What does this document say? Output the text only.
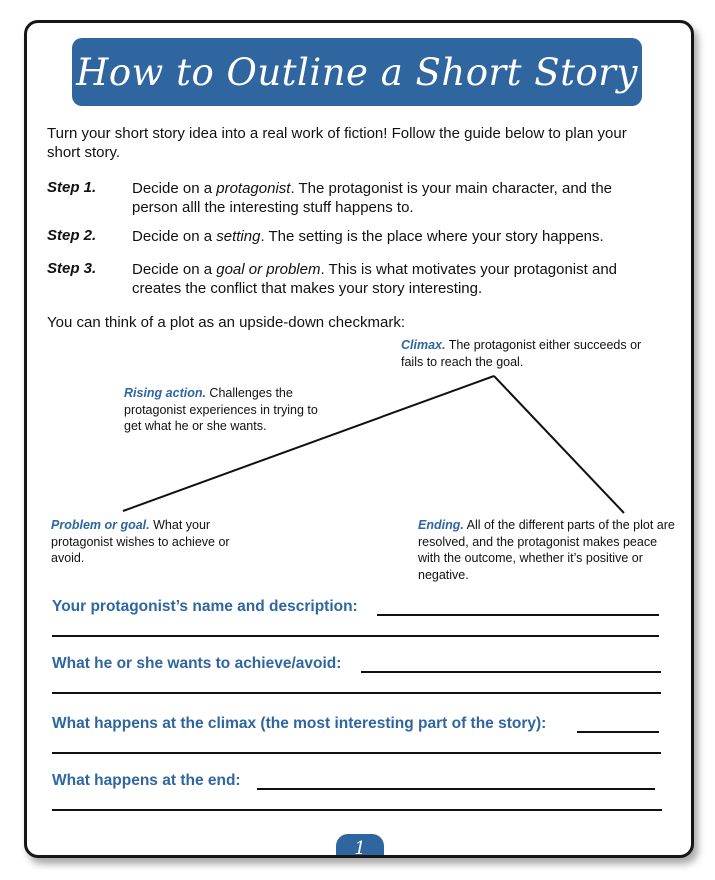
How to Outline a Short Story
Turn your short story idea into a real work of fiction! Follow the guide below to plan your short story.
Step 1. Decide on a protagonist. The protagonist is your main character, and the person alll the interesting stuff happens to.
Step 2. Decide on a setting. The setting is the place where your story happens.
Step 3. Decide on a goal or problem. This is what motivates your protagonist and creates the conflict that makes your story interesting.
You can think of a plot as an upside-down checkmark:
Climax. The protagonist either succeeds or fails to reach the goal.
Rising action. Challenges the protagonist experiences in trying to get what he or she wants.
Problem or goal. What your protagonist wishes to achieve or avoid.
Ending. All of the different parts of the plot are resolved, and the protagonist makes peace with the outcome, whether it’s positive or negative.
Your protagonist’s name and description:
What he or she wants to achieve/avoid:
What happens at the climax (the most interesting part of the story):
What happens at the end:
1
